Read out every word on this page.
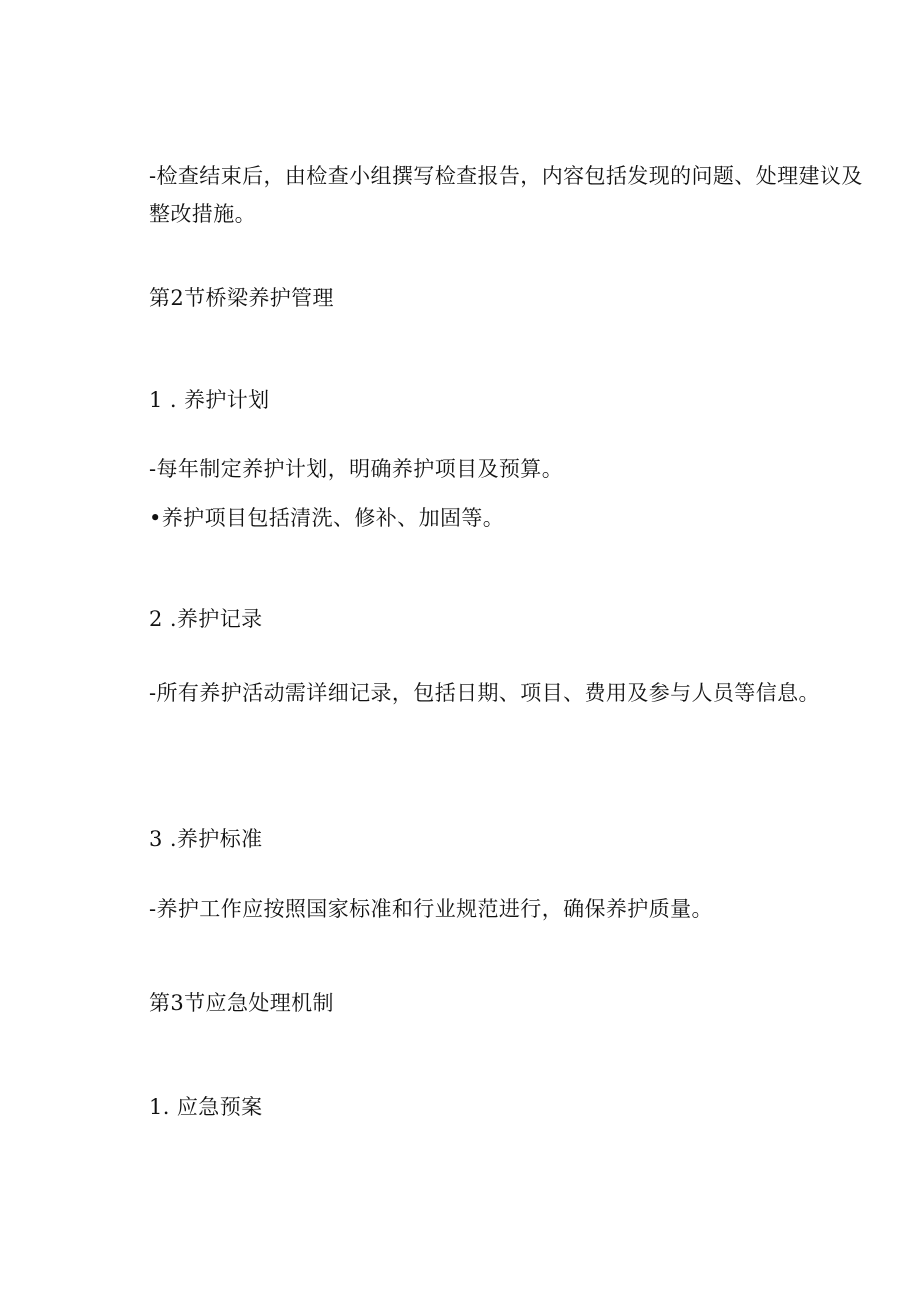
-检查结束后，由检查小组撰写检查报告，内容包括发现的问题、处理建议及整改措施。
第2节桥梁养护管理
1 . 养护计划
-每年制定养护计划，明确养护项目及预算。
•养护项目包括清洗、修补、加固等。
2 .养护记录
-所有养护活动需详细记录，包括日期、项目、费用及参与人员等信息。
3 .养护标准
-养护工作应按照国家标准和行业规范进行，确保养护质量。
第3节应急处理机制
1. 应急预案
